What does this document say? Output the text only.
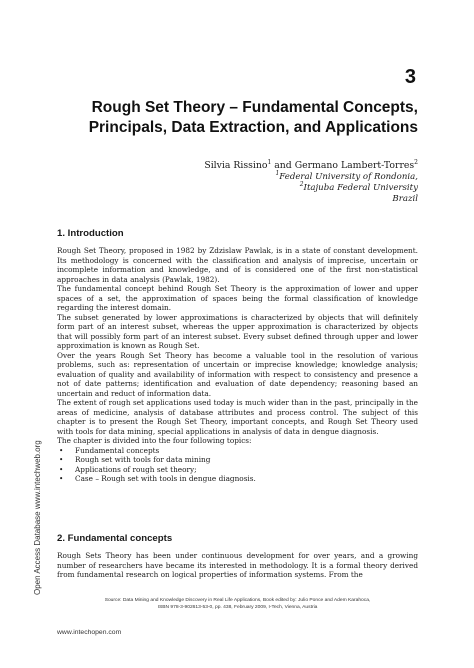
3
Rough Set Theory – Fundamental Concepts,
Principals, Data Extraction, and Applications
Silvia Rissino$^1$ and Germano Lambert-Torres$^2$
$^1$Federal University of Rondonia,
$^2$Itajuba Federal University
Brazil
1. Introduction

Rough Set Theory, proposed in 1982 by Zdzislaw Pawlak, is in a state of constant development. Its methodology is concerned with the classification and analysis of imprecise, uncertain or incomplete information and knowledge, and of is considered one of the first non-statistical approaches in data analysis (Pawlak, 1982).

The fundamental concept behind Rough Set Theory is the approximation of lower and upper spaces of a set, the approximation of spaces being the formal classification of knowledge regarding the interest domain.

The subset generated by lower approximations is characterized by objects that will definitely form part of an interest subset, whereas the upper approximation is characterized by objects that will possibly form part of an interest subset. Every subset defined through upper and lower approximation is known as Rough Set.

Over the years Rough Set Theory has become a valuable tool in the resolution of various problems, such as: representation of uncertain or imprecise knowledge; knowledge analysis; evaluation of quality and availability of information with respect to consistency and presence a not of date patterns; identification and evaluation of date dependency; reasoning based an uncertain and reduct of information data.

The extent of rough set applications used today is much wider than in the past, principally in the areas of medicine, analysis of database attributes and process control. The subject of this chapter is to present the Rough Set Theory, important concepts, and Rough Set Theory used with tools for data mining, special applications in analysis of data in dengue diagnosis.

The chapter is divided into the four following topics:

• Fundamental concepts
• Rough set with tools for data mining
• Applications of rough set theory;
• Case – Rough set with tools in dengue diagnosis.
2. Fundamental concepts

Rough Sets Theory has been under continuous development for over years, and a growing number of researchers have became its interested in methodology. It is a formal theory derived from fundamental research on logical properties of information systems. From the

Source: Data Mining and Knowledge Discovery in Real Life Applications, Book edited by: Julio Ponce and Adem Karahoca,
ISBN 978-3-902613-53-0, pp. 438, February 2009, I-Tech, Vienna, Austria
Open Access Database www.intechweb.org
www.intechopen.com
